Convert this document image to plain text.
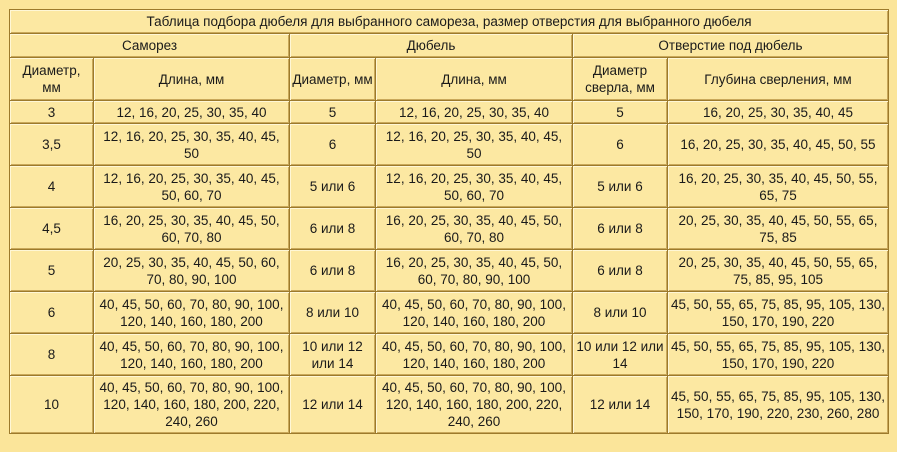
Таблица подбора дюбеля для выбранного самореза, размер отверстия для выбранного дюбеля					
Саморез		Дюбель		Отверстие под дюбель	
Диаметр, мм	Длина, мм	Диаметр, мм	Длина, мм	Диаметр сверла, мм	Глубина сверления, мм
3	12, 16, 20, 25, 30, 35, 40	5	12, 16, 20, 25, 30, 35, 40	5	16, 20, 25, 30, 35, 40, 45
3,5	12, 16, 20, 25, 30, 35, 40, 45, 50	6	12, 16, 20, 25, 30, 35, 40, 45, 50	6	16, 20, 25, 30, 35, 40, 45, 50, 55
4	12, 16, 20, 25, 30, 35, 40, 45, 50, 60, 70	5 или 6	12, 16, 20, 25, 30, 35, 40, 45, 50, 60, 70	5 или 6	16, 20, 25, 30, 35, 40, 45, 50, 55, 65, 75
4,5	16, 20, 25, 30, 35, 40, 45, 50, 60, 70, 80	6 или 8	16, 20, 25, 30, 35, 40, 45, 50, 60, 70, 80	6 или 8	20, 25, 30, 35, 40, 45, 50, 55, 65, 75, 85
5	20, 25, 30, 35, 40, 45, 50, 60, 70, 80, 90, 100	6 или 8	16, 20, 25, 30, 35, 40, 45, 50, 60, 70, 80, 90, 100	6 или 8	20, 25, 30, 35, 40, 45, 50, 55, 65, 75, 85, 95, 105
6	40, 45, 50, 60, 70, 80, 90, 100, 120, 140, 160, 180, 200	8 или 10	40, 45, 50, 60, 70, 80, 90, 100, 120, 140, 160, 180, 200	8 или 10	45, 50, 55, 65, 75, 85, 95, 105, 130, 150, 170, 190, 220
8	40, 45, 50, 60, 70, 80, 90, 100, 120, 140, 160, 180, 200	10 или 12 или 14	40, 45, 50, 60, 70, 80, 90, 100, 120, 140, 160, 180, 200	10 или 12 или 14	45, 50, 55, 65, 75, 85, 95, 105, 130, 150, 170, 190, 220
10	40, 45, 50, 60, 70, 80, 90, 100, 120, 140, 160, 180, 200, 220, 240, 260	12 или 14	40, 45, 50, 60, 70, 80, 90, 100, 120, 140, 160, 180, 200, 220, 240, 260	12 или 14	45, 50, 55, 65, 75, 85, 95, 105, 130, 150, 170, 190, 220, 230, 260, 280
